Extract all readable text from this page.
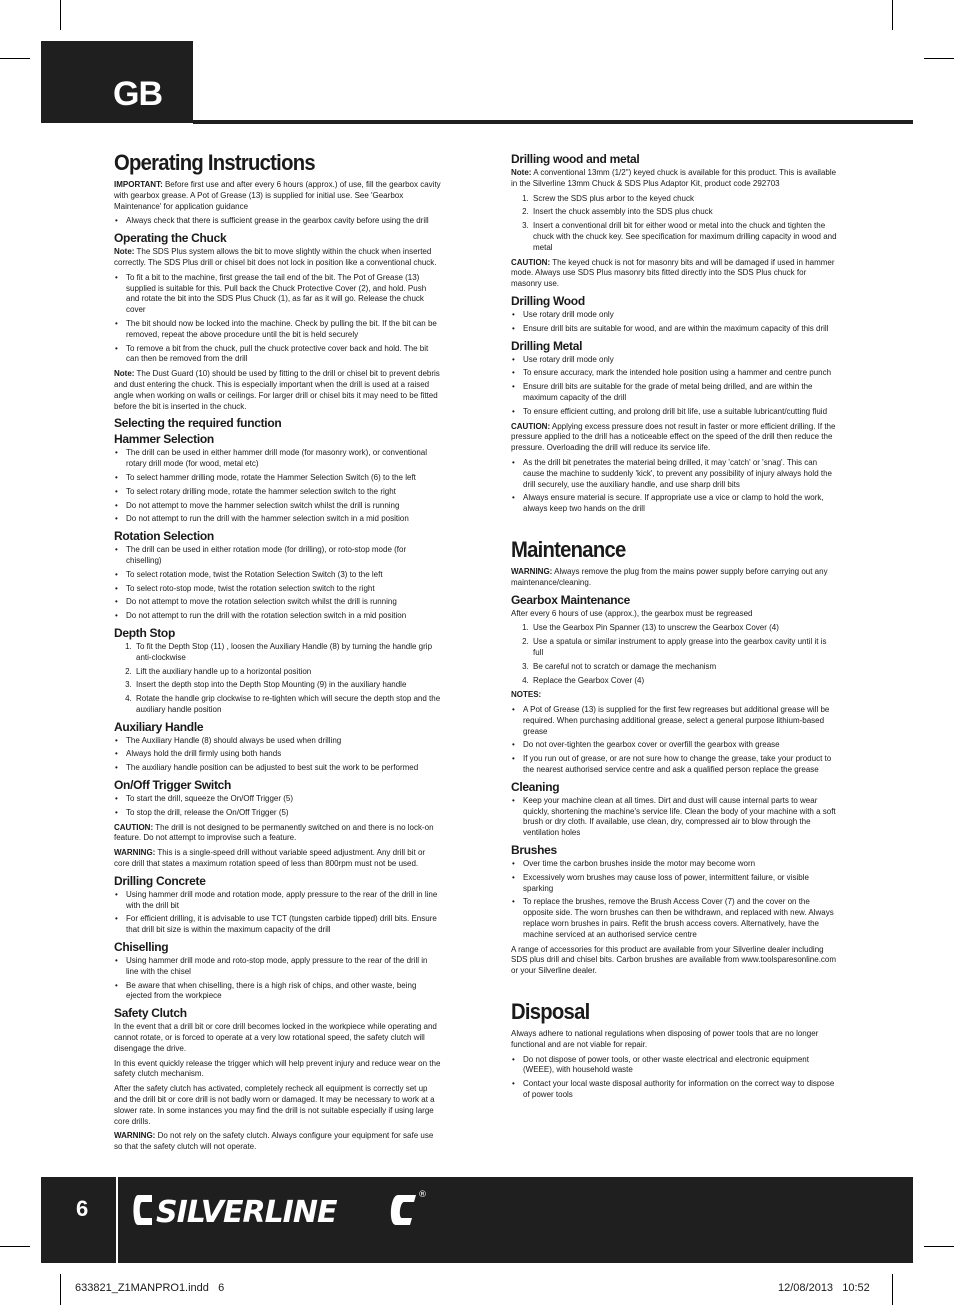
GB
Operating Instructions

IMPORTANT: Before first use and after every 6 hours (approx.) of use, fill the gearbox cavity with gearbox grease. A Pot of Grease (13) is supplied for initial use. See 'Gearbox Maintenance' for application guidance

• Always check that there is sufficient grease in the gearbox cavity before using the drill
Operating the Chuck

Note: The SDS Plus system allows the bit to move slightly within the chuck when inserted correctly. The SDS Plus drill or chisel bit does not lock in position like a conventional chuck.

• To fit a bit to the machine, first grease the tail end of the bit. The Pot of Grease (13) supplied is suitable for this. Pull back the Chuck Protective Cover (2), and hold. Push and rotate the bit into the SDS Plus Chuck (1), as far as it will go. Release the chuck cover
• The bit should now be locked into the machine. Check by pulling the bit. If the bit can be removed, repeat the above procedure until the bit is held securely
• To remove a bit from the chuck, pull the chuck protective cover back and hold. The bit can then be removed from the drill

Note: The Dust Guard (10) should be used by fitting to the drill or chisel bit to prevent debris and dust entering the chuck. This is especially important when the drill is used at a raised angle when working on walls or ceilings. For larger drill or chisel bits it may need to be fitted before the bit is inserted in the chuck.

Selecting the required function
Hammer Selection
• The drill can be used in either hammer drill mode (for masonry work), or conventional rotary drill mode (for wood, metal etc)
• To select hammer drilling mode, rotate the Hammer Selection Switch (6) to the left
• To select rotary drilling mode, rotate the hammer selection switch to the right
• Do not attempt to move the hammer selection switch whilst the drill is running
• Do not attempt to run the drill with the hammer selection switch in a mid position
Rotation Selection
• The drill can be used in either rotation mode (for drilling), or roto-stop mode (for chiselling)
• To select rotation mode, twist the Rotation Selection Switch (3) to the left
• To select roto-stop mode, twist the rotation selection switch to the right
• Do not attempt to move the rotation selection switch whilst the drill is running
• Do not attempt to run the drill with the rotation selection switch in a mid position
Depth Stop
1. To fit the Depth Stop (11) , loosen the Auxiliary Handle (8) by turning the handle grip anti-clockwise
2. Lift the auxiliary handle up to a horizontal position
3. Insert the depth stop into the Depth Stop Mounting (9) in the auxiliary handle
4. Rotate the handle grip clockwise to re-tighten which will secure the depth stop and the auxiliary handle position
Auxiliary Handle
• The Auxiliary Handle (8) should always be used when drilling
• Always hold the drill firmly using both hands
• The auxiliary handle position can be adjusted to best suit the work to be performed
On/Off Trigger Switch
• To start the drill, squeeze the On/Off Trigger (5)
• To stop the drill, release the On/Off Trigger (5)

CAUTION: The drill is not designed to be permanently switched on and there is no lock-on feature. Do not attempt to improvise such a feature.

WARNING: This is a single-speed drill without variable speed adjustment. Any drill bit or core drill that states a maximum rotation speed of less than 800rpm must not be used.

Drilling Concrete
• Using hammer drill mode and rotation mode, apply pressure to the rear of the drill in line with the drill bit
• For efficient drilling, it is advisable to use TCT (tungsten carbide tipped) drill bits. Ensure that drill bit size is within the maximum capacity of the drill
Chiselling
• Using hammer drill mode and roto-stop mode, apply pressure to the rear of the drill in line with the chisel
• Be aware that when chiselling, there is a high risk of chips, and other waste, being ejected from the workpiece
Safety Clutch

In the event that a drill bit or core drill becomes locked in the workpiece while operating and cannot rotate, or is forced to operate at a very low rotational speed, the safety clutch will disengage the drive.

In this event quickly release the trigger which will help prevent injury and reduce wear on the safety clutch mechanism.

After the safety clutch has activated, completely recheck all equipment is correctly set up and the drill bit or core drill is not badly worn or damaged. It may be necessary to work at a slower rate. In some instances you may find the drill is not suitable especially if using large core drills.

WARNING: Do not rely on the safety clutch. Always configure your equipment for safe use so that the safety clutch will not operate.

Drilling wood and metal

Note: A conventional 13mm (1/2") keyed chuck is available for this product. This is available in the Silverline 13mm Chuck & SDS Plus Adaptor Kit, product code 292703

1. Screw the SDS plus arbor to the keyed chuck
2. Insert the chuck assembly into the SDS plus chuck
3. Insert a conventional drill bit for either wood or metal into the chuck and tighten the chuck with the chuck key. See specification for maximum drilling capacity in wood and metal

CAUTION: The keyed chuck is not for masonry bits and will be damaged if used in hammer mode. Always use SDS Plus masonry bits fitted directly into the SDS Plus chuck for masonry use.

Drilling Wood
• Use rotary drill mode only
• Ensure drill bits are suitable for wood, and are within the maximum capacity of this drill
Drilling Metal
• Use rotary drill mode only
• To ensure accuracy, mark the intended hole position using a hammer and centre punch
• Ensure drill bits are suitable for the grade of metal being drilled, and are within the maximum capacity of the drill
• To ensure efficient cutting, and prolong drill bit life, use a suitable lubricant/cutting fluid

CAUTION: Applying excess pressure does not result in faster or more efficient drilling. If the pressure applied to the drill has a noticeable effect on the speed of the drill then reduce the pressure. Overloading the drill will reduce its service life.

• As the drill bit penetrates the material being drilled, it may 'catch' or 'snag'. This can cause the machine to suddenly 'kick', to prevent any possibility of injury always hold the drill securely, use the auxiliary handle, and use sharp drill bits
• Always ensure material is secure. If appropriate use a vice or clamp to hold the work, always keep two hands on the drill
Maintenance

WARNING: Always remove the plug from the mains power supply before carrying out any maintenance/cleaning.

Gearbox Maintenance

After every 6 hours of use (approx.), the gearbox must be regreased

1. Use the Gearbox Pin Spanner (13) to unscrew the Gearbox Cover (4)
2. Use a spatula or similar instrument to apply grease into the gearbox cavity until it is full
3. Be careful not to scratch or damage the mechanism
4. Replace the Gearbox Cover (4)

NOTES:

• A Pot of Grease (13) is supplied for the first few regreases but additional grease will be required. When purchasing additional grease, select a general purpose lithium-based grease
• Do not over-tighten the gearbox cover or overfill the gearbox with grease
• If you run out of grease, or are not sure how to change the grease, take your product to the nearest authorised service centre and ask a qualified person replace the grease
Cleaning
• Keep your machine clean at all times. Dirt and dust will cause internal parts to wear quickly, shortening the machine's service life. Clean the body of your machine with a soft brush or dry cloth. If available, use clean, dry, compressed air to blow through the ventilation holes
Brushes
• Over time the carbon brushes inside the motor may become worn
• Excessively worn brushes may cause loss of power, intermittent failure, or visible sparking
• To replace the brushes, remove the Brush Access Cover (7) and the cover on the opposite side. The worn brushes can then be withdrawn, and replaced with new. Always replace worn brushes in pairs. Refit the brush access covers. Alternatively, have the machine serviced at an authorised service centre

A range of accessories for this product are available from your Silverline dealer including SDS plus drill and chisel bits. Carbon brushes are available from www.toolsparesonline.com or your Silverline dealer.

Disposal

Always adhere to national regulations when disposing of power tools that are no longer functional and are not viable for repair.

• Do not dispose of power tools, or other waste electrical and electronic equipment (WEEE), with household waste
• Contact your local waste disposal authority for information on the correct way to dispose of power tools
6 SILVERLINE	®
633821_Z1MANPRO1.indd   6	12/08/2013   10:52
